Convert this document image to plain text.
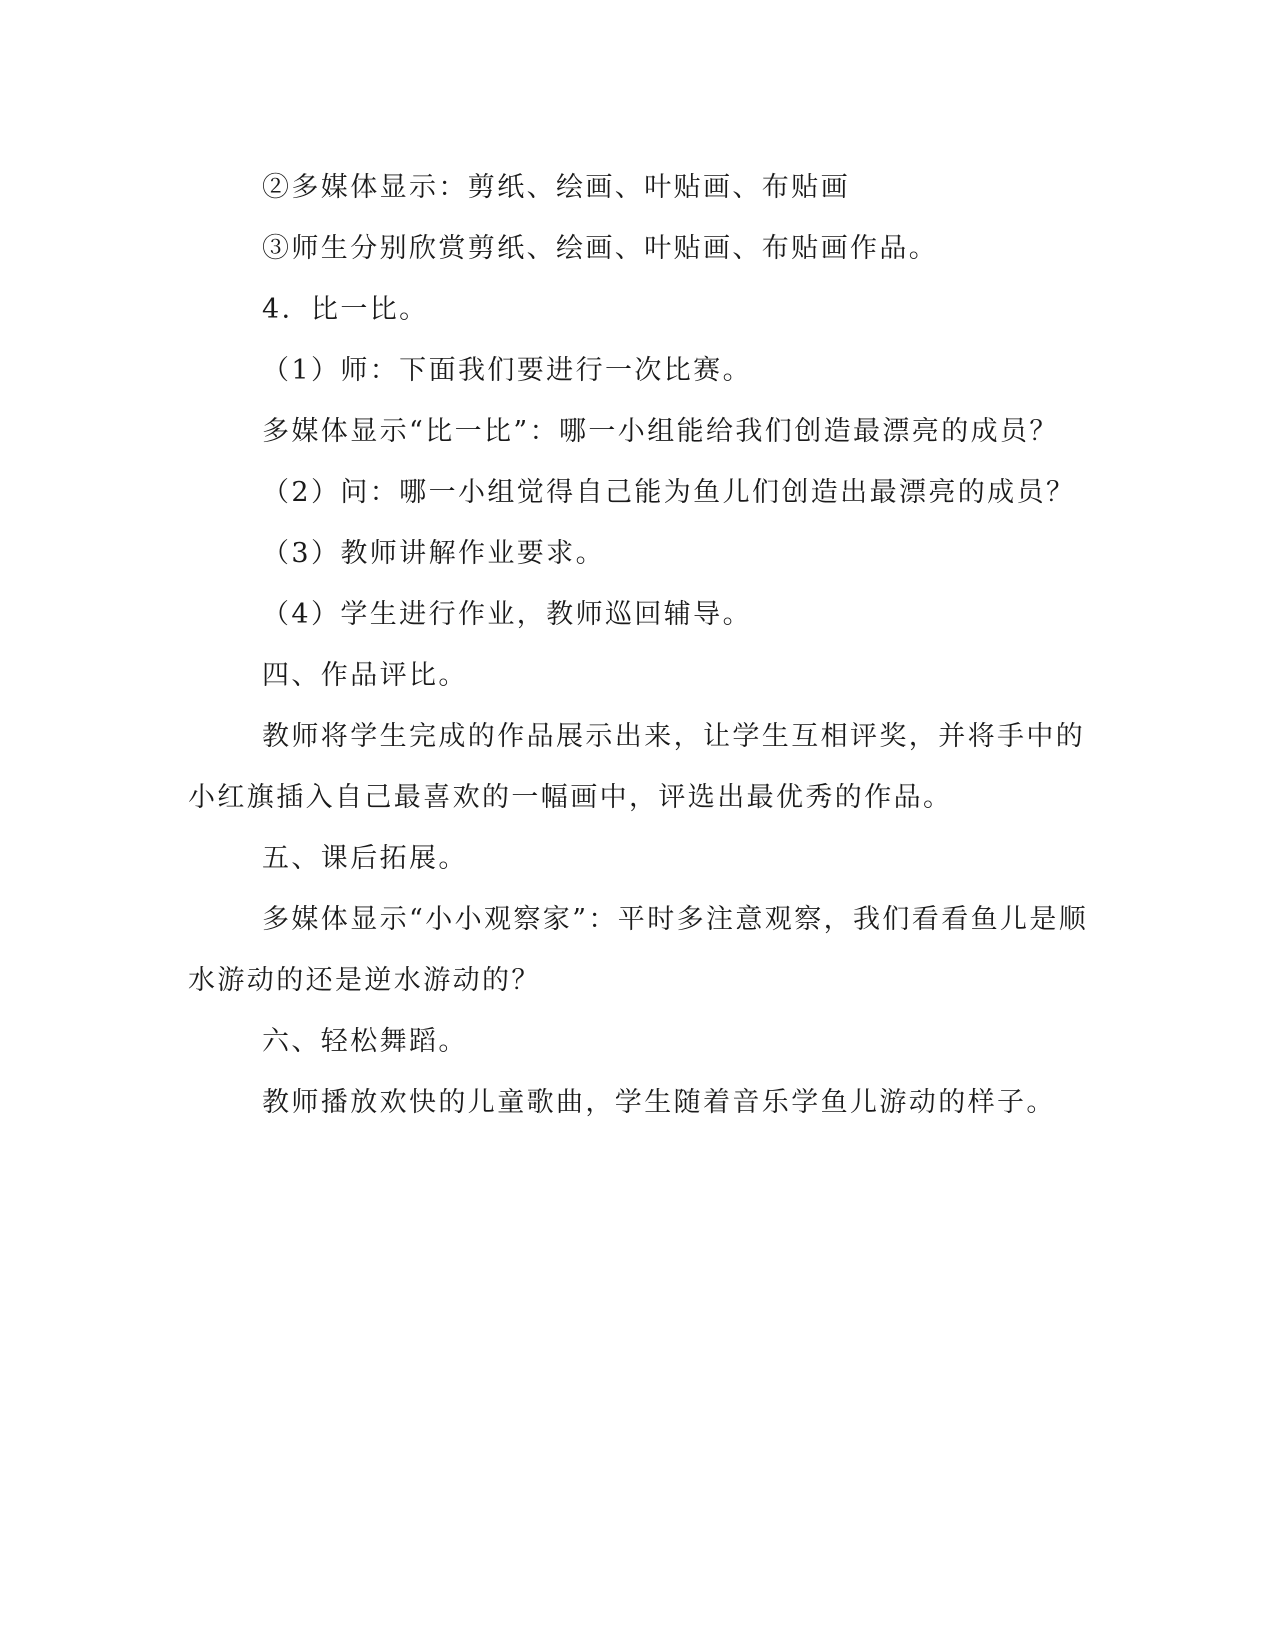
②多媒体显示：剪纸、绘画、叶贴画、布贴画
③师生分别欣赏剪纸、绘画、叶贴画、布贴画作品。
4．比一比。
（1）师：下面我们要进行一次比赛。
多媒体显示“比一比”：哪一小组能给我们创造最漂亮的成员？
（2）问：哪一小组觉得自己能为鱼儿们创造出最漂亮的成员？
（3）教师讲解作业要求。
（4）学生进行作业，教师巡回辅导。
四、作品评比。
教师将学生完成的作品展示出来，让学生互相评奖，并将手中的
小红旗插入自己最喜欢的一幅画中，评选出最优秀的作品。
五、课后拓展。
多媒体显示“小小观察家”：平时多注意观察，我们看看鱼儿是顺
水游动的还是逆水游动的？
六、轻松舞蹈。
教师播放欢快的儿童歌曲，学生随着音乐学鱼儿游动的样子。
